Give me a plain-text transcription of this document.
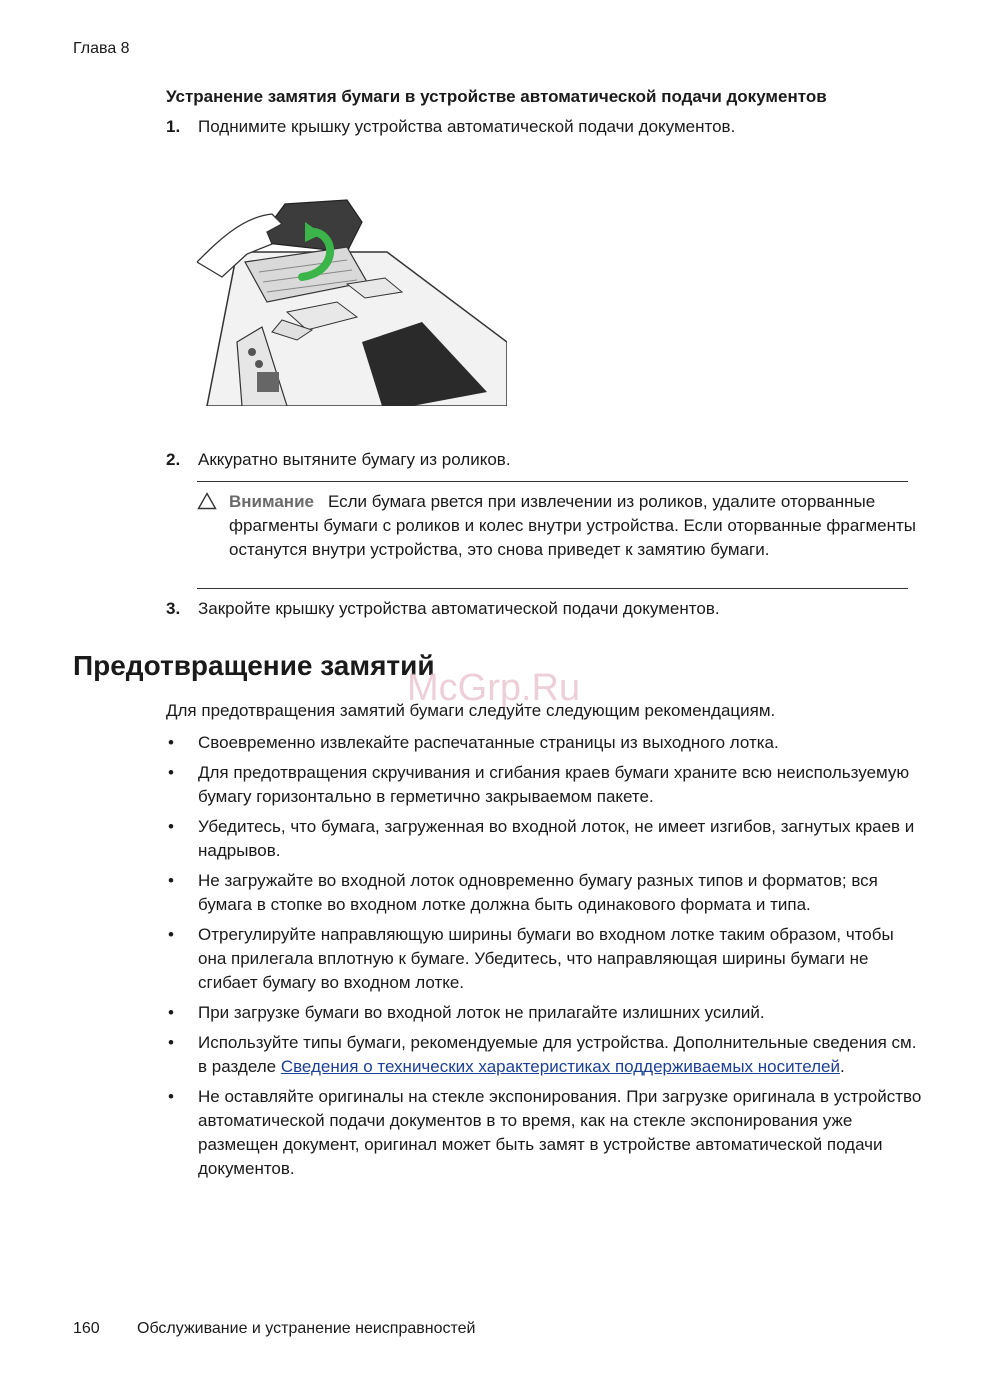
Глава 8
Устранение замятия бумаги в устройстве автоматической подачи документов
1. Поднимите крышку устройства автоматической подачи документов.
2. Аккуратно вытяните бумагу из роликов.
Внимание Если бумага рвется при извлечении из роликов, удалите оторванные фрагменты бумаги с роликов и колес внутри устройства. Если оторванные фрагменты останутся внутри устройства, это снова приведет к замятию бумаги.
3. Закройте крышку устройства автоматической подачи документов.
Предотвращение замятий
McGrp.Ru
Для предотвращения замятий бумаги следуйте следующим рекомендациям.
• Своевременно извлекайте распечатанные страницы из выходного лотка.
• Для предотвращения скручивания и сгибания краев бумаги храните всю неиспользуемую бумагу горизонтально в герметично закрываемом пакете.
• Убедитесь, что бумага, загруженная во входной лоток, не имеет изгибов, загнутых краев и надрывов.
• Не загружайте во входной лоток одновременно бумагу разных типов и форматов; вся бумага в стопке во входном лотке должна быть одинакового формата и типа.
• Отрегулируйте направляющую ширины бумаги во входном лотке таким образом, чтобы она прилегала вплотную к бумаге. Убедитесь, что направляющая ширины бумаги не сгибает бумагу во входном лотке.
• При загрузке бумаги во входной лоток не прилагайте излишних усилий.
• Используйте типы бумаги, рекомендуемые для устройства. Дополнительные сведения см. в разделе Сведения о технических характеристиках поддерживаемых носителей.
• Не оставляйте оригиналы на стекле экспонирования. При загрузке оригинала в устройство автоматической подачи документов в то время, как на стекле экспонирования уже размещен документ, оригинал может быть замят в устройстве автоматической подачи документов.
160 Обслуживание и устранение неисправностей
